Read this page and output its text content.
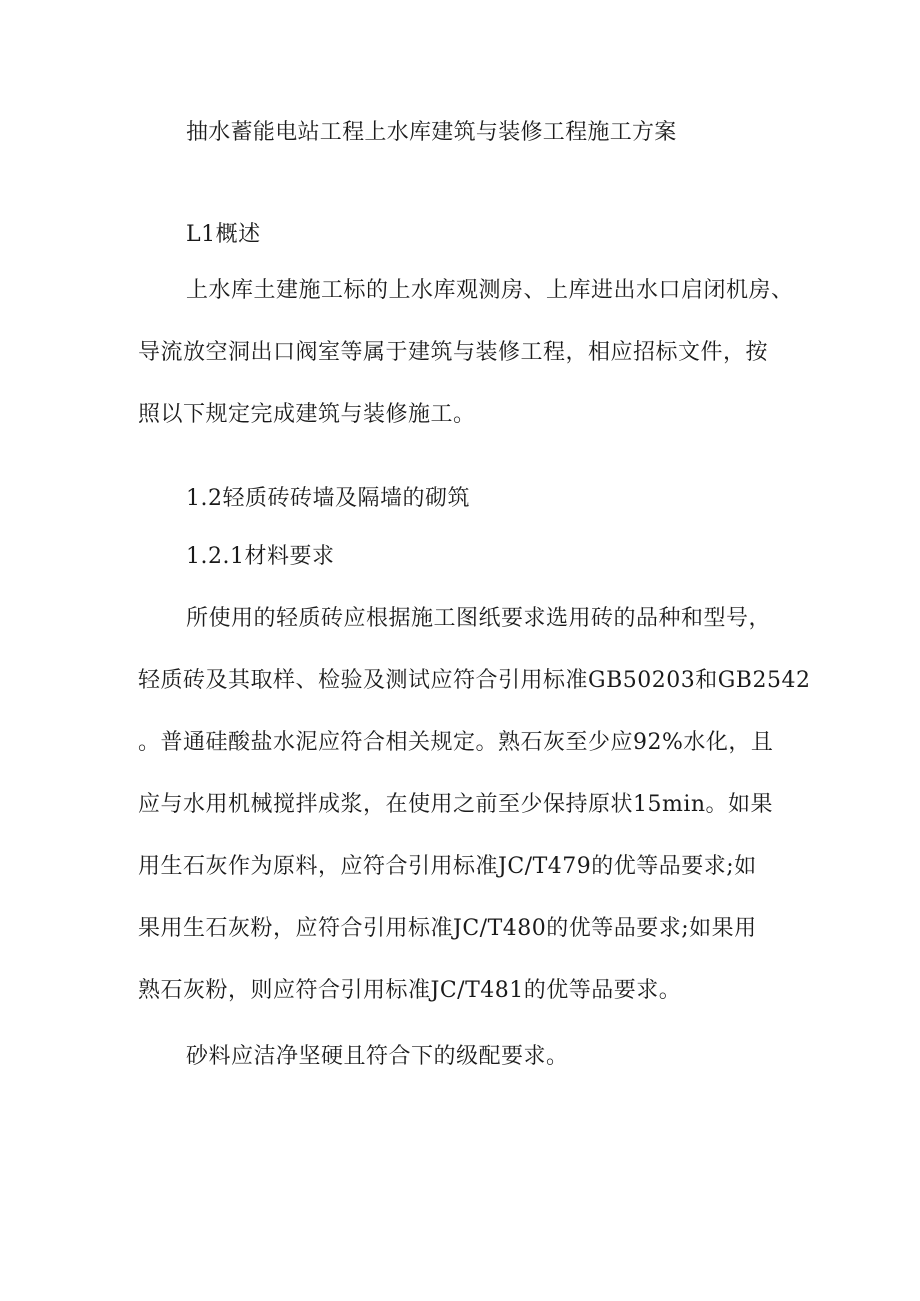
抽水蓄能电站工程上水库建筑与装修工程施工方案
L1概述
上水库土建施工标的上水库观测房、上库进出水口启闭机房、
导流放空洞出口阀室等属于建筑与装修工程，相应招标文件，按
照以下规定完成建筑与装修施工。
1.2轻质砖砖墙及隔墙的砌筑
1.2.1材料要求
所使用的轻质砖应根据施工图纸要求选用砖的品种和型号，
轻质砖及其取样、检验及测试应符合引用标准GB50203和GB2542
。普通硅酸盐水泥应符合相关规定。熟石灰至少应92%水化，且
应与水用机械搅拌成浆，在使用之前至少保持原状15min。如果
用生石灰作为原料，应符合引用标准JC/T479的优等品要求;如
果用生石灰粉，应符合引用标准JC/T480的优等品要求;如果用
熟石灰粉，则应符合引用标准JC/T481的优等品要求。
砂料应洁净坚硬且符合下的级配要求。
